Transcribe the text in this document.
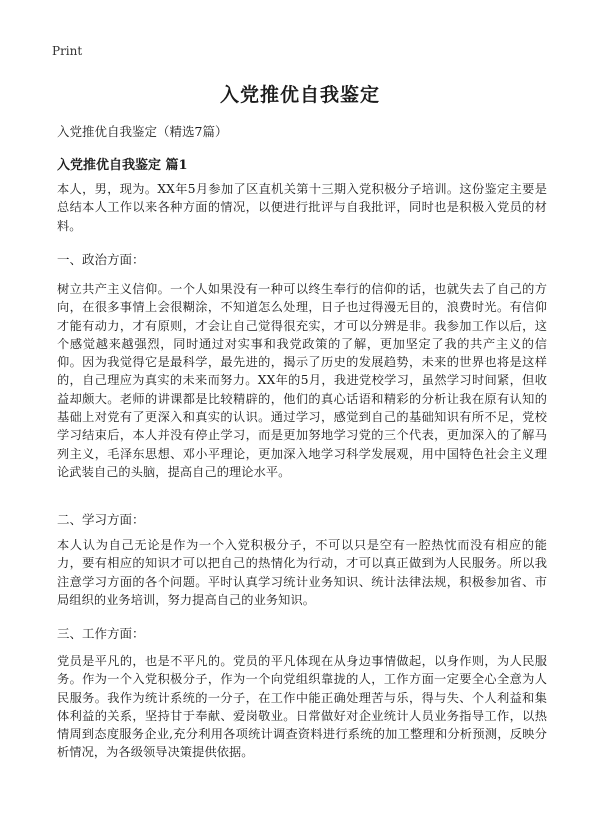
Print
入党推优自我鉴定
入党推优自我鉴定（精选7篇）
入党推优自我鉴定 篇1
本人，男，现为。XX年5月参加了区直机关第十三期入党积极分子培训。这份鉴定主要是总结本人工作以来各种方面的情况，以便进行批评与自我批评，同时也是积极入党员的材料。
一、政治方面：
树立共产主义信仰。一个人如果没有一种可以终生奉行的信仰的话，也就失去了自己的方向，在很多事情上会很糊涂，不知道怎么处理，日子也过得漫无目的，浪费时光。有信仰才能有动力，才有原则，才会让自己觉得很充实，才可以分辨是非。我参加工作以后，这个感觉越来越强烈，同时通过对实事和我党政策的了解，更加坚定了我的共产主义的信仰。因为我觉得它是最科学，最先进的，揭示了历史的发展趋势，未来的世界也将是这样的，自己理应为真实的未来而努力。XX年的5月，我进党校学习，虽然学习时间紧，但收益却颇大。老师的讲课都是比较精辟的，他们的真心话语和精彩的分析让我在原有认知的基础上对党有了更深入和真实的认识。通过学习，感觉到自己的基础知识有所不足，党校学习结束后，本人并没有停止学习，而是更加努地学习党的三个代表，更加深入的了解马列主义，毛泽东思想、邓小平理论，更加深入地学习科学发展观，用中国特色社会主义理论武装自己的头脑，提高自己的理论水平。
二、学习方面：
本人认为自己无论是作为一个入党积极分子，不可以只是空有一腔热忱而没有相应的能力，要有相应的知识才可以把自己的热情化为行动，才可以真正做到为人民服务。所以我注意学习方面的各个问题。平时认真学习统计业务知识、统计法律法规，积极参加省、市局组织的业务培训，努力提高自己的业务知识。
三、工作方面：
党员是平凡的，也是不平凡的。党员的平凡体现在从身边事情做起，以身作则，为人民服务。作为一个入党积极分子，作为一个向党组织靠拢的人，工作方面一定要全心全意为人民服务。我作为统计系统的一分子，在工作中能正确处理苦与乐，得与失、个人利益和集体利益的关系，坚持甘于奉献、爱岗敬业。日常做好对企业统计人员业务指导工作，以热情周到态度服务企业,充分利用各项统计调查资料进行系统的加工整理和分析预测，反映分析情况，为各级领导决策提供依据。
